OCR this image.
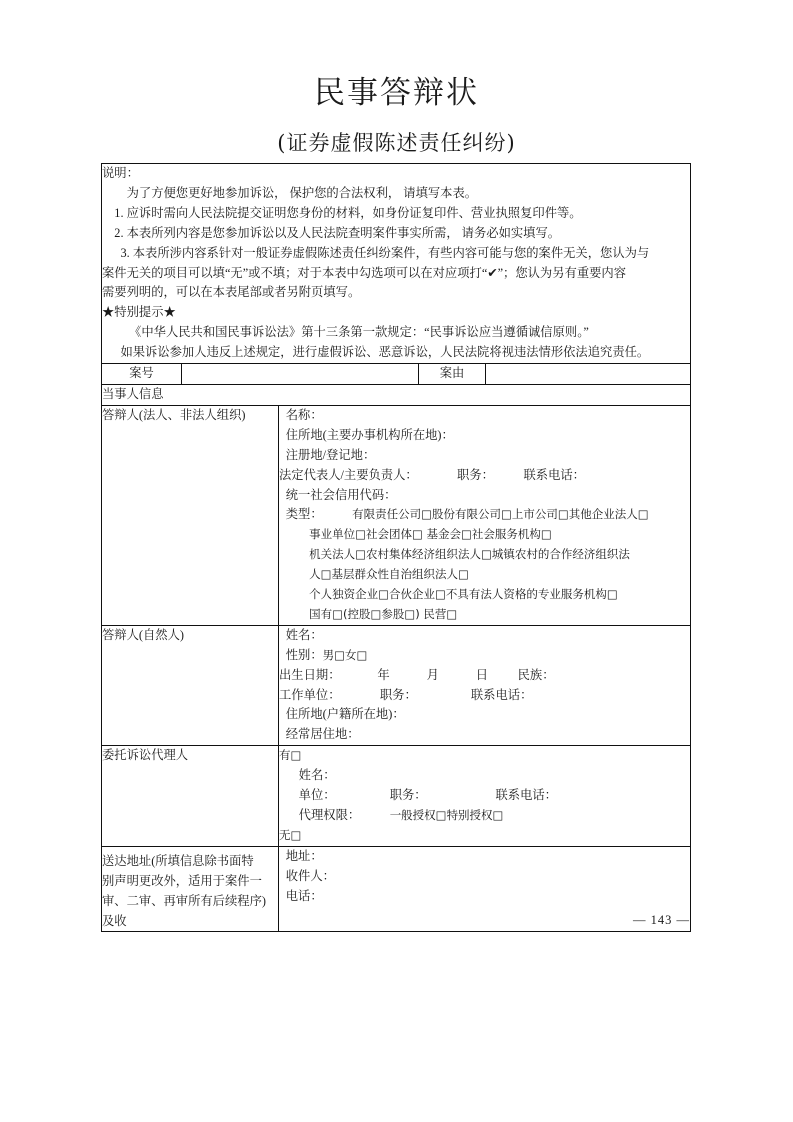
民事答辩状
(证券虚假陈述责任纠纷)
说明：
为了方便您更好地参加诉讼， 保护您的合法权利， 请填写本表。
1. 应诉时需向人民法院提交证明您身份的材料，如身份证复印件、营业执照复印件等。
2. 本表所列内容是您参加诉讼以及人民法院查明案件事实所需， 请务必如实填写。
3. 本表所涉内容系针对一般证券虚假陈述责任纠纷案件，有些内容可能与您的案件无关，您认为与
案件无关的项目可以填“无”或不填；对于本表中勾选项可以在对应项打“✔”；您认为另有重要内容
需要列明的，可以在本表尾部或者另附页填写。
★特别提示★
《中华人民共和国民事诉讼法》第十三条第一款规定：“民事诉讼应当遵循诚信原则。”
如果诉讼参加人违反上述规定，进行虚假诉讼、恶意诉讼，人民法院将视违法情形依法追究责任。

案号			案由	
当事人信息				
答辩人(法人、非法人组织)	名称：
住所地(主要办事机构所在地)：
注册地/登记地：
法定代表人/主要负责人：	职务： 联系电话：
统一社会信用代码：
类型：	有限责任公司□股份有限公司□上市公司□其他企业法人□
事业单位□社会团体□ 基金会□社会服务机构□
机关法人□农村集体经济组织法人□城镇农村的合作经济组织法
人□基层群众性自治组织法人□
个人独资企业□合伙企业□不具有法人资格的专业服务机构□
国有□(控股□参股□) 民营□

答辩人(自然人)	姓名：
性别：男□女□
出生日期：	年	月	日 民族：
工作单位：	职务：	联系电话：
住所地(户籍所在地)：
经常居住地：

委托诉讼代理人		有□
姓名：
单位： 职务： 联系电话：
代理权限： 一般授权□特别授权□
无□		

送达地址(所填信息除书面特
别声明更改外，适用于案件一
审、二审、再审所有后续程序)
及收

地址：
收件人：
电话：
— 143 —
